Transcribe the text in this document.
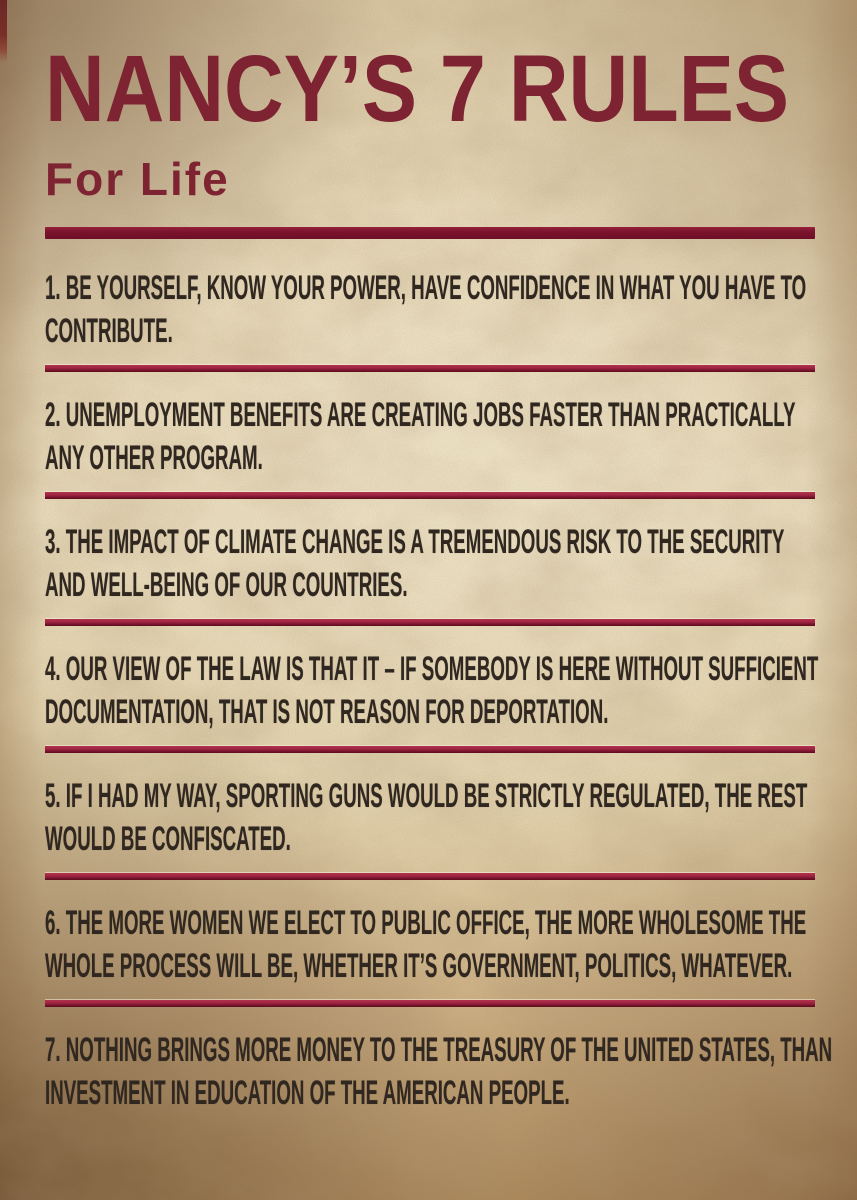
NANCY’S 7 RULES
For Life
1. BE YOURSELF, KNOW YOUR POWER, HAVE CONFIDENCE IN WHAT YOU HAVE TO
CONTRIBUTE.
2. UNEMPLOYMENT BENEFITS ARE CREATING JOBS FASTER THAN PRACTICALLY
ANY OTHER PROGRAM.
3. THE IMPACT OF CLIMATE CHANGE IS A TREMENDOUS RISK TO THE SECURITY
AND WELL-BEING OF OUR COUNTRIES.
4. OUR VIEW OF THE LAW IS THAT IT – IF SOMEBODY IS HERE WITHOUT SUFFICIENT
DOCUMENTATION, THAT IS NOT REASON FOR DEPORTATION.
5. IF I HAD MY WAY, SPORTING GUNS WOULD BE STRICTLY REGULATED, THE REST
WOULD BE CONFISCATED.
6. THE MORE WOMEN WE ELECT TO PUBLIC OFFICE, THE MORE WHOLESOME THE
WHOLE PROCESS WILL BE, WHETHER IT’S GOVERNMENT, POLITICS, WHATEVER.
7. NOTHING BRINGS MORE MONEY TO THE TREASURY OF THE UNITED STATES, THAN
INVESTMENT IN EDUCATION OF THE AMERICAN PEOPLE.
